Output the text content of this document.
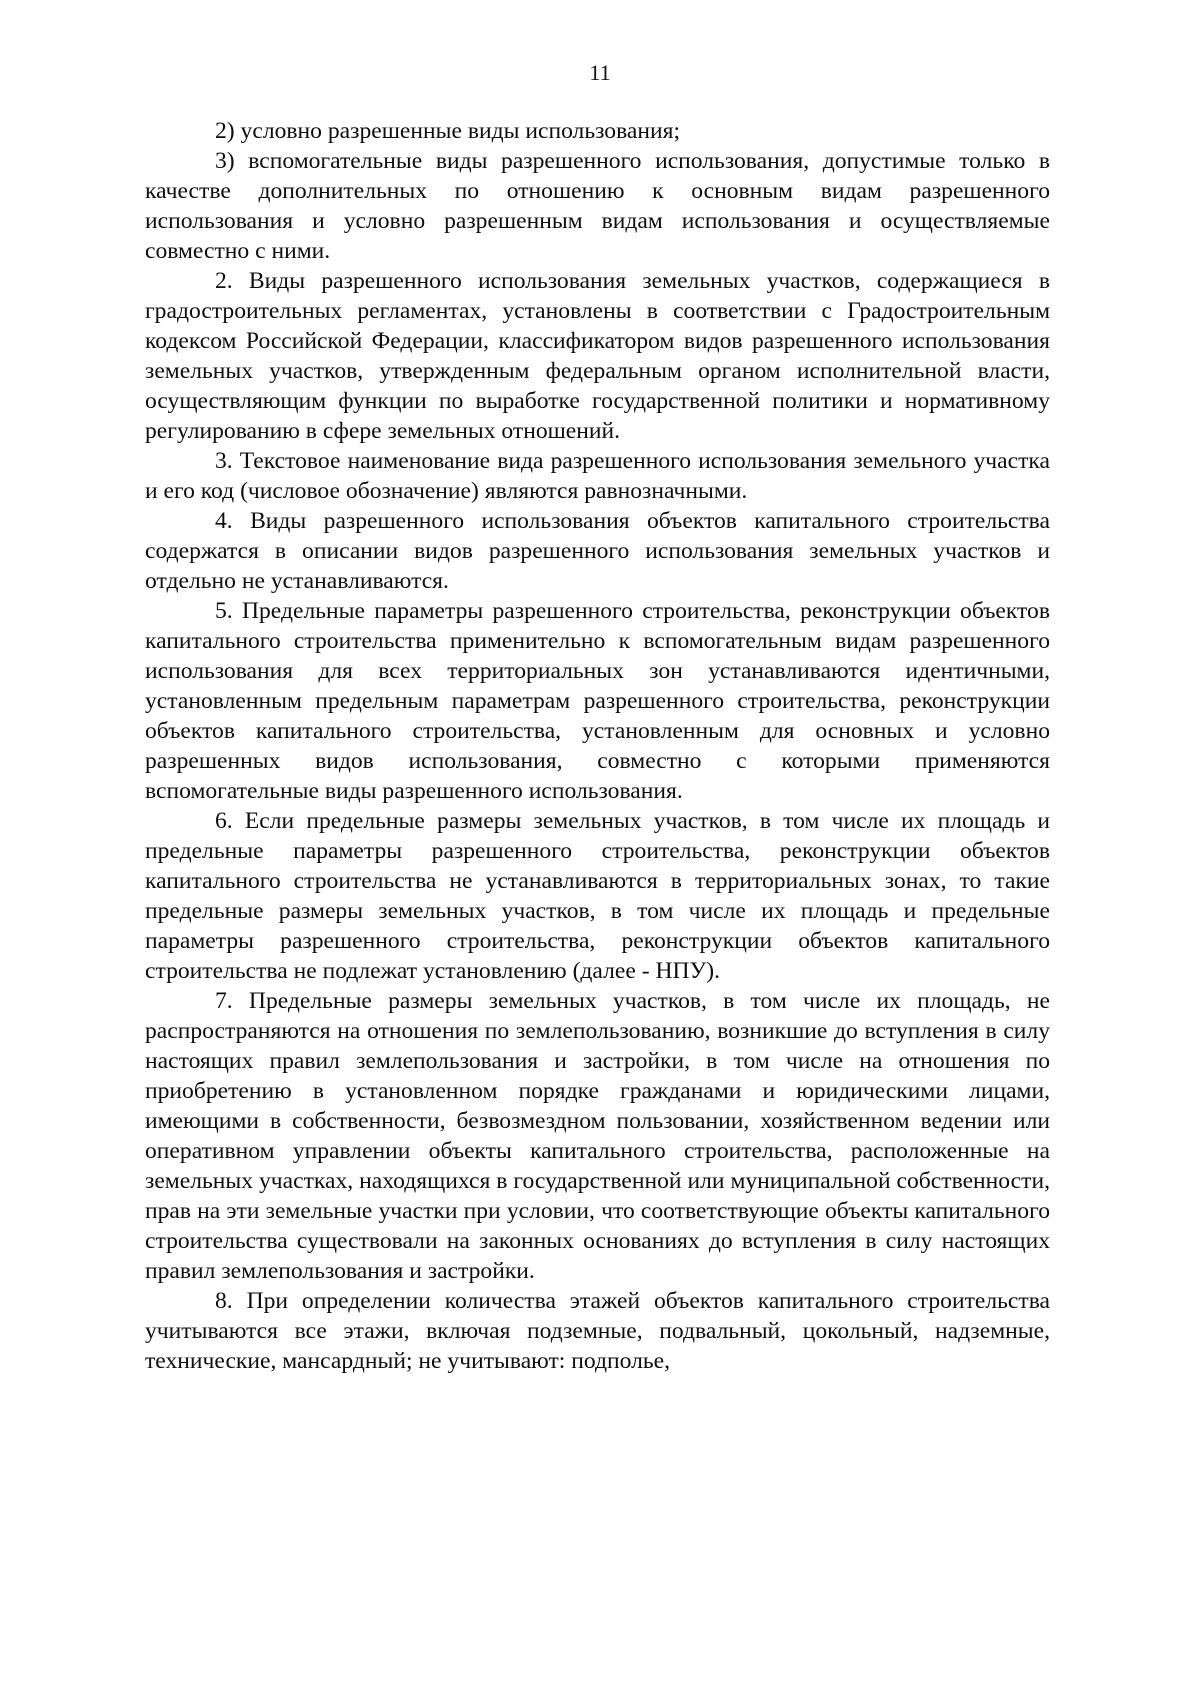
11

2) условно разрешенные виды использования;

3) вспомогательные виды разрешенного использования, допустимые только в качестве дополнительных по отношению к основным видам разрешенного использования и условно разрешенным видам использования и осуществляемые совместно с ними.

2. Виды разрешенного использования земельных участков, содержащиеся в градостроительных регламентах, установлены в соответствии с Градостроительным кодексом Российской Федерации, классификатором видов разрешенного использования земельных участков, утвержденным федеральным органом исполнительной власти, осуществляющим функции по выработке государственной политики и нормативному регулированию в сфере земельных отношений.

3. Текстовое наименование вида разрешенного использования земельного участка и его код (числовое обозначение) являются равнозначными.

4. Виды разрешенного использования объектов капитального строительства содержатся в описании видов разрешенного использования земельных участков и отдельно не устанавливаются.

5. Предельные параметры разрешенного строительства, реконструкции объектов капитального строительства применительно к вспомогательным видам разрешенного использования для всех территориальных зон устанавливаются идентичными, установленным предельным параметрам разрешенного строительства, реконструкции объектов капитального строительства, установленным для основных и условно разрешенных видов использования, совместно с которыми применяются вспомогательные виды разрешенного использования.

6. Если предельные размеры земельных участков, в том числе их площадь и предельные параметры разрешенного строительства, реконструкции объектов капитального строительства не устанавливаются в территориальных зонах, то такие предельные размеры земельных участков, в том числе их площадь и предельные параметры разрешенного строительства, реконструкции объектов капитального строительства не подлежат установлению (далее - НПУ).

7. Предельные размеры земельных участков, в том числе их площадь, не распространяются на отношения по землепользованию, возникшие до вступления в силу настоящих правил землепользования и застройки, в том числе на отношения по приобретению в установленном порядке гражданами и юридическими лицами, имеющими в собственности, безвозмездном пользовании, хозяйственном ведении или оперативном управлении объекты капитального строительства, расположенные на земельных участках, находящихся в государственной или муниципальной собственности, прав на эти земельные участки при условии, что соответствующие объекты капитального строительства существовали на законных основаниях до вступления в силу настоящих правил землепользования и застройки.

8. При определении количества этажей объектов капитального строительства учитываются все этажи, включая подземные, подвальный, цокольный, надземные, технические, мансардный; не учитывают: подполье,
